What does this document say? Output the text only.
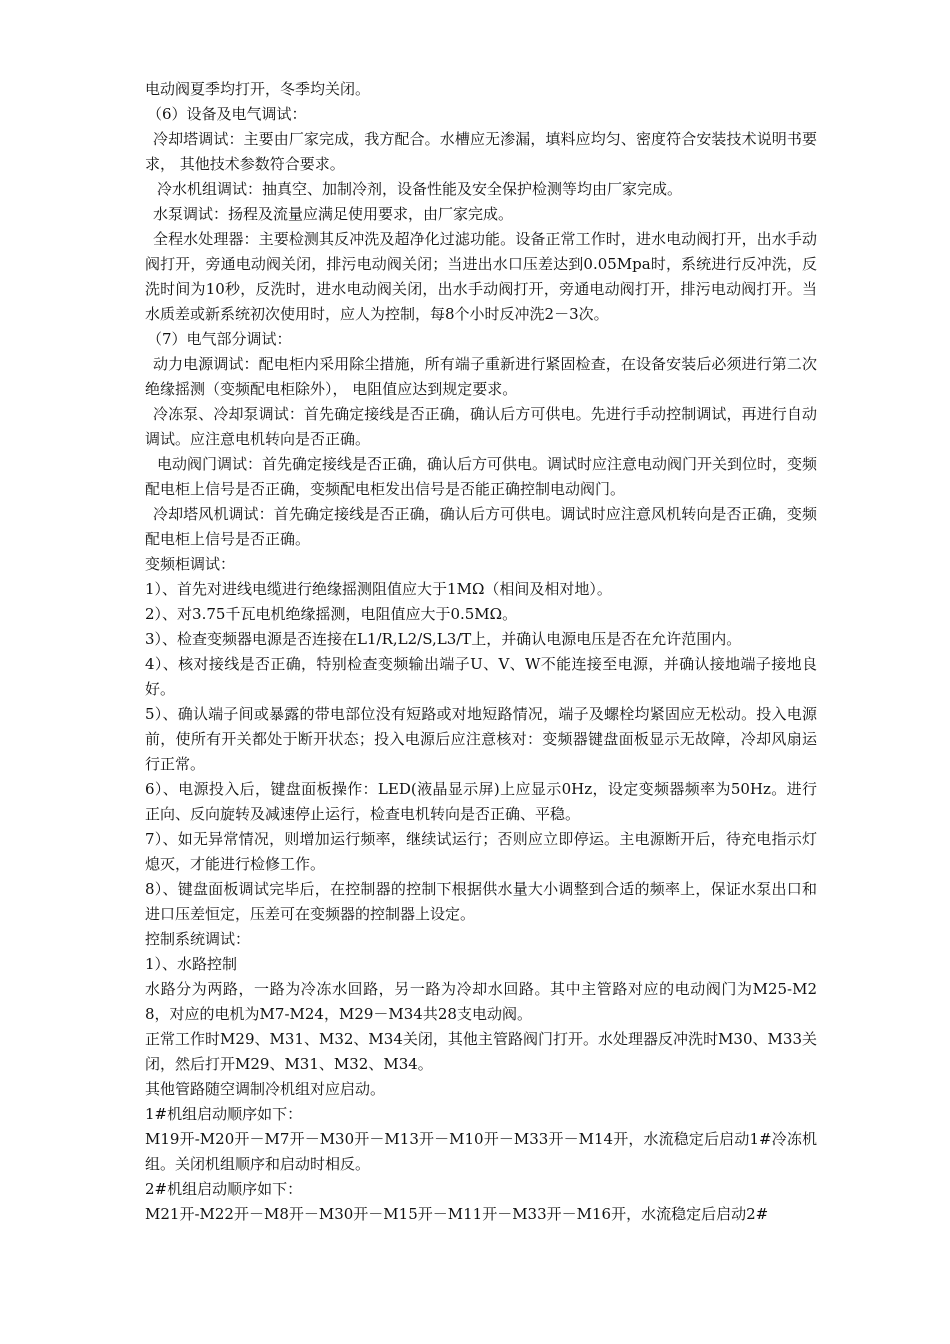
电动阀夏季均打开，冬季均关闭。

（6）设备及电气调试：

冷却塔调试：主要由厂家完成，我方配合。水槽应无渗漏，填料应均匀、密度符合安装技术说明书要求， 其他技术参数符合要求。

冷水机组调试：抽真空、加制冷剂，设备性能及安全保护检测等均由厂家完成。

水泵调试：扬程及流量应满足使用要求，由厂家完成。

全程水处理器：主要检测其反冲洗及超净化过滤功能。设备正常工作时，进水电动阀打开，出水手动阀打开，旁通电动阀关闭，排污电动阀关闭；当进出水口压差达到0.05Mpa时，系统进行反冲洗，反洗时间为10秒，反洗时，进水电动阀关闭，出水手动阀打开，旁通电动阀打开，排污电动阀打开。当水质差或新系统初次使用时，应人为控制，每8个小时反冲洗2－3次。

（7）电气部分调试：

动力电源调试：配电柜内采用除尘措施，所有端子重新进行紧固检查，在设备安装后必须进行第二次绝缘摇测（变频配电柜除外）， 电阻值应达到规定要求。

冷冻泵、冷却泵调试：首先确定接线是否正确，确认后方可供电。先进行手动控制调试，再进行自动调试。应注意电机转向是否正确。

电动阀门调试：首先确定接线是否正确，确认后方可供电。调试时应注意电动阀门开关到位时，变频配电柜上信号是否正确，变频配电柜发出信号是否能正确控制电动阀门。

冷却塔风机调试：首先确定接线是否正确，确认后方可供电。调试时应注意风机转向是否正确，变频配电柜上信号是否正确。

变频柜调试：

1）、首先对进线电缆进行绝缘摇测阻值应大于1MΩ（相间及相对地）。

2）、对3.75千瓦电机绝缘摇测，电阻值应大于0.5MΩ。

3）、检查变频器电源是否连接在L1/R,L2/S,L3/T上，并确认电源电压是否在允许范围内。

4）、核对接线是否正确，特别检查变频输出端子U、V、W不能连接至电源，并确认接地端子接地良好。

5）、确认端子间或暴露的带电部位没有短路或对地短路情况，端子及螺栓均紧固应无松动。投入电源前，使所有开关都处于断开状态；投入电源后应注意核对：变频器键盘面板显示无故障，冷却风扇运行正常。

6）、电源投入后，键盘面板操作：LED(液晶显示屏)上应显示0Hz，设定变频器频率为50Hz。进行正向、反向旋转及减速停止运行，检查电机转向是否正确、平稳。

7）、如无异常情况，则增加运行频率，继续试运行；否则应立即停运。主电源断开后，待充电指示灯熄灭，才能进行检修工作。

8）、键盘面板调试完毕后，在控制器的控制下根据供水量大小调整到合适的频率上，保证水泵出口和进口压差恒定，压差可在变频器的控制器上设定。

控制系统调试：

1）、水路控制

水路分为两路，一路为冷冻水回路，另一路为冷却水回路。其中主管路对应的电动阀门为M25-M28，对应的电机为M7-M24，M29－M34共28支电动阀。

正常工作时M29、M31、M32、M34关闭，其他主管路阀门打开。水处理器反冲洗时M30、M33关闭，然后打开M29、M31、M32、M34。

其他管路随空调制冷机组对应启动。

1#机组启动顺序如下：

M19开-M20开－M7开－M30开－M13开－M10开－M33开－M14开，水流稳定后启动1#冷冻机组。关闭机组顺序和启动时相反。

2#机组启动顺序如下：

M21开-M22开－M8开－M30开－M15开－M11开－M33开－M16开，水流稳定后启动2#
